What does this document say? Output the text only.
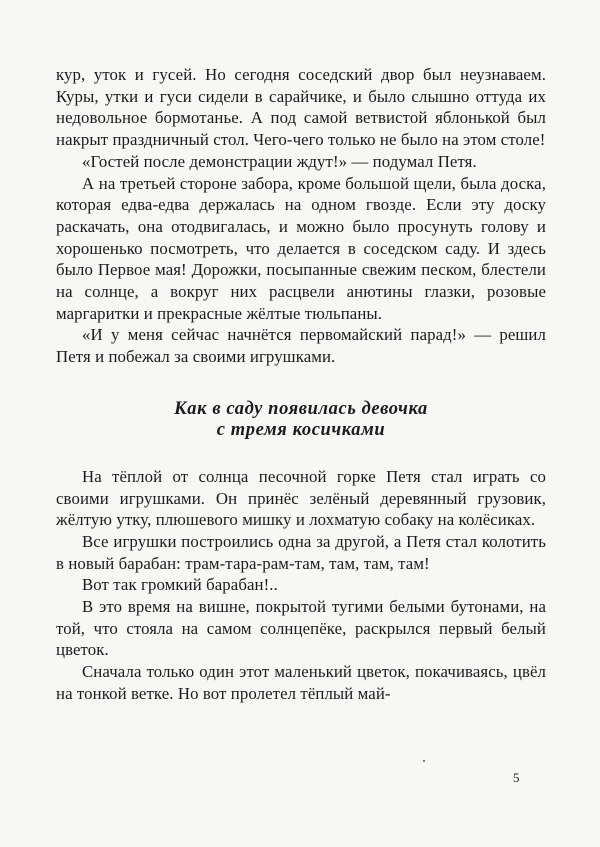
кур, уток и гусей. Но сегодня соседский двор был неузнаваем. Куры, утки и гуси сидели в сарайчике, и было слышно оттуда их недовольное бормотанье. А под самой ветвистой яблонькой был накрыт праздничный стол. Чего-чего только не было на этом столе!

«Гостей после демонстрации ждут!» — подумал Петя.

А на третьей стороне забора, кроме большой щели, была доска, которая едва-едва держалась на одном гвозде. Если эту доску раскачать, она отодвигалась, и можно было просунуть голову и хорошенько посмотреть, что делается в соседском саду. И здесь было Первое мая! Дорожки, посыпанные свежим песком, блестели на солнце, а вокруг них расцвели анютины глазки, розовые маргаритки и прекрасные жёлтые тюльпаны.

«И у меня сейчас начнётся первомайский парад!» — решил Петя и побежал за своими игрушками.

Как в саду появилась девочка
с тремя косичками

На тёплой от солнца песочной горке Петя стал играть со своими игрушками. Он принёс зелёный деревянный грузовик, жёлтую утку, плюшевого мишку и лохматую собаку на колёсиках.

Все игрушки построились одна за другой, а Петя стал колотить в новый барабан: трам-тара-рам-там, там, там, там!

Вот так громкий барабан!..

В это время на вишне, покрытой тугими белыми бутонами, на той, что стояла на самом солнцепёке, раскрылся первый белый цветок.

Сначала только один этот маленький цветок, покачиваясь, цвёл на тонкой ветке. Но вот пролетел тёплый май-

5
